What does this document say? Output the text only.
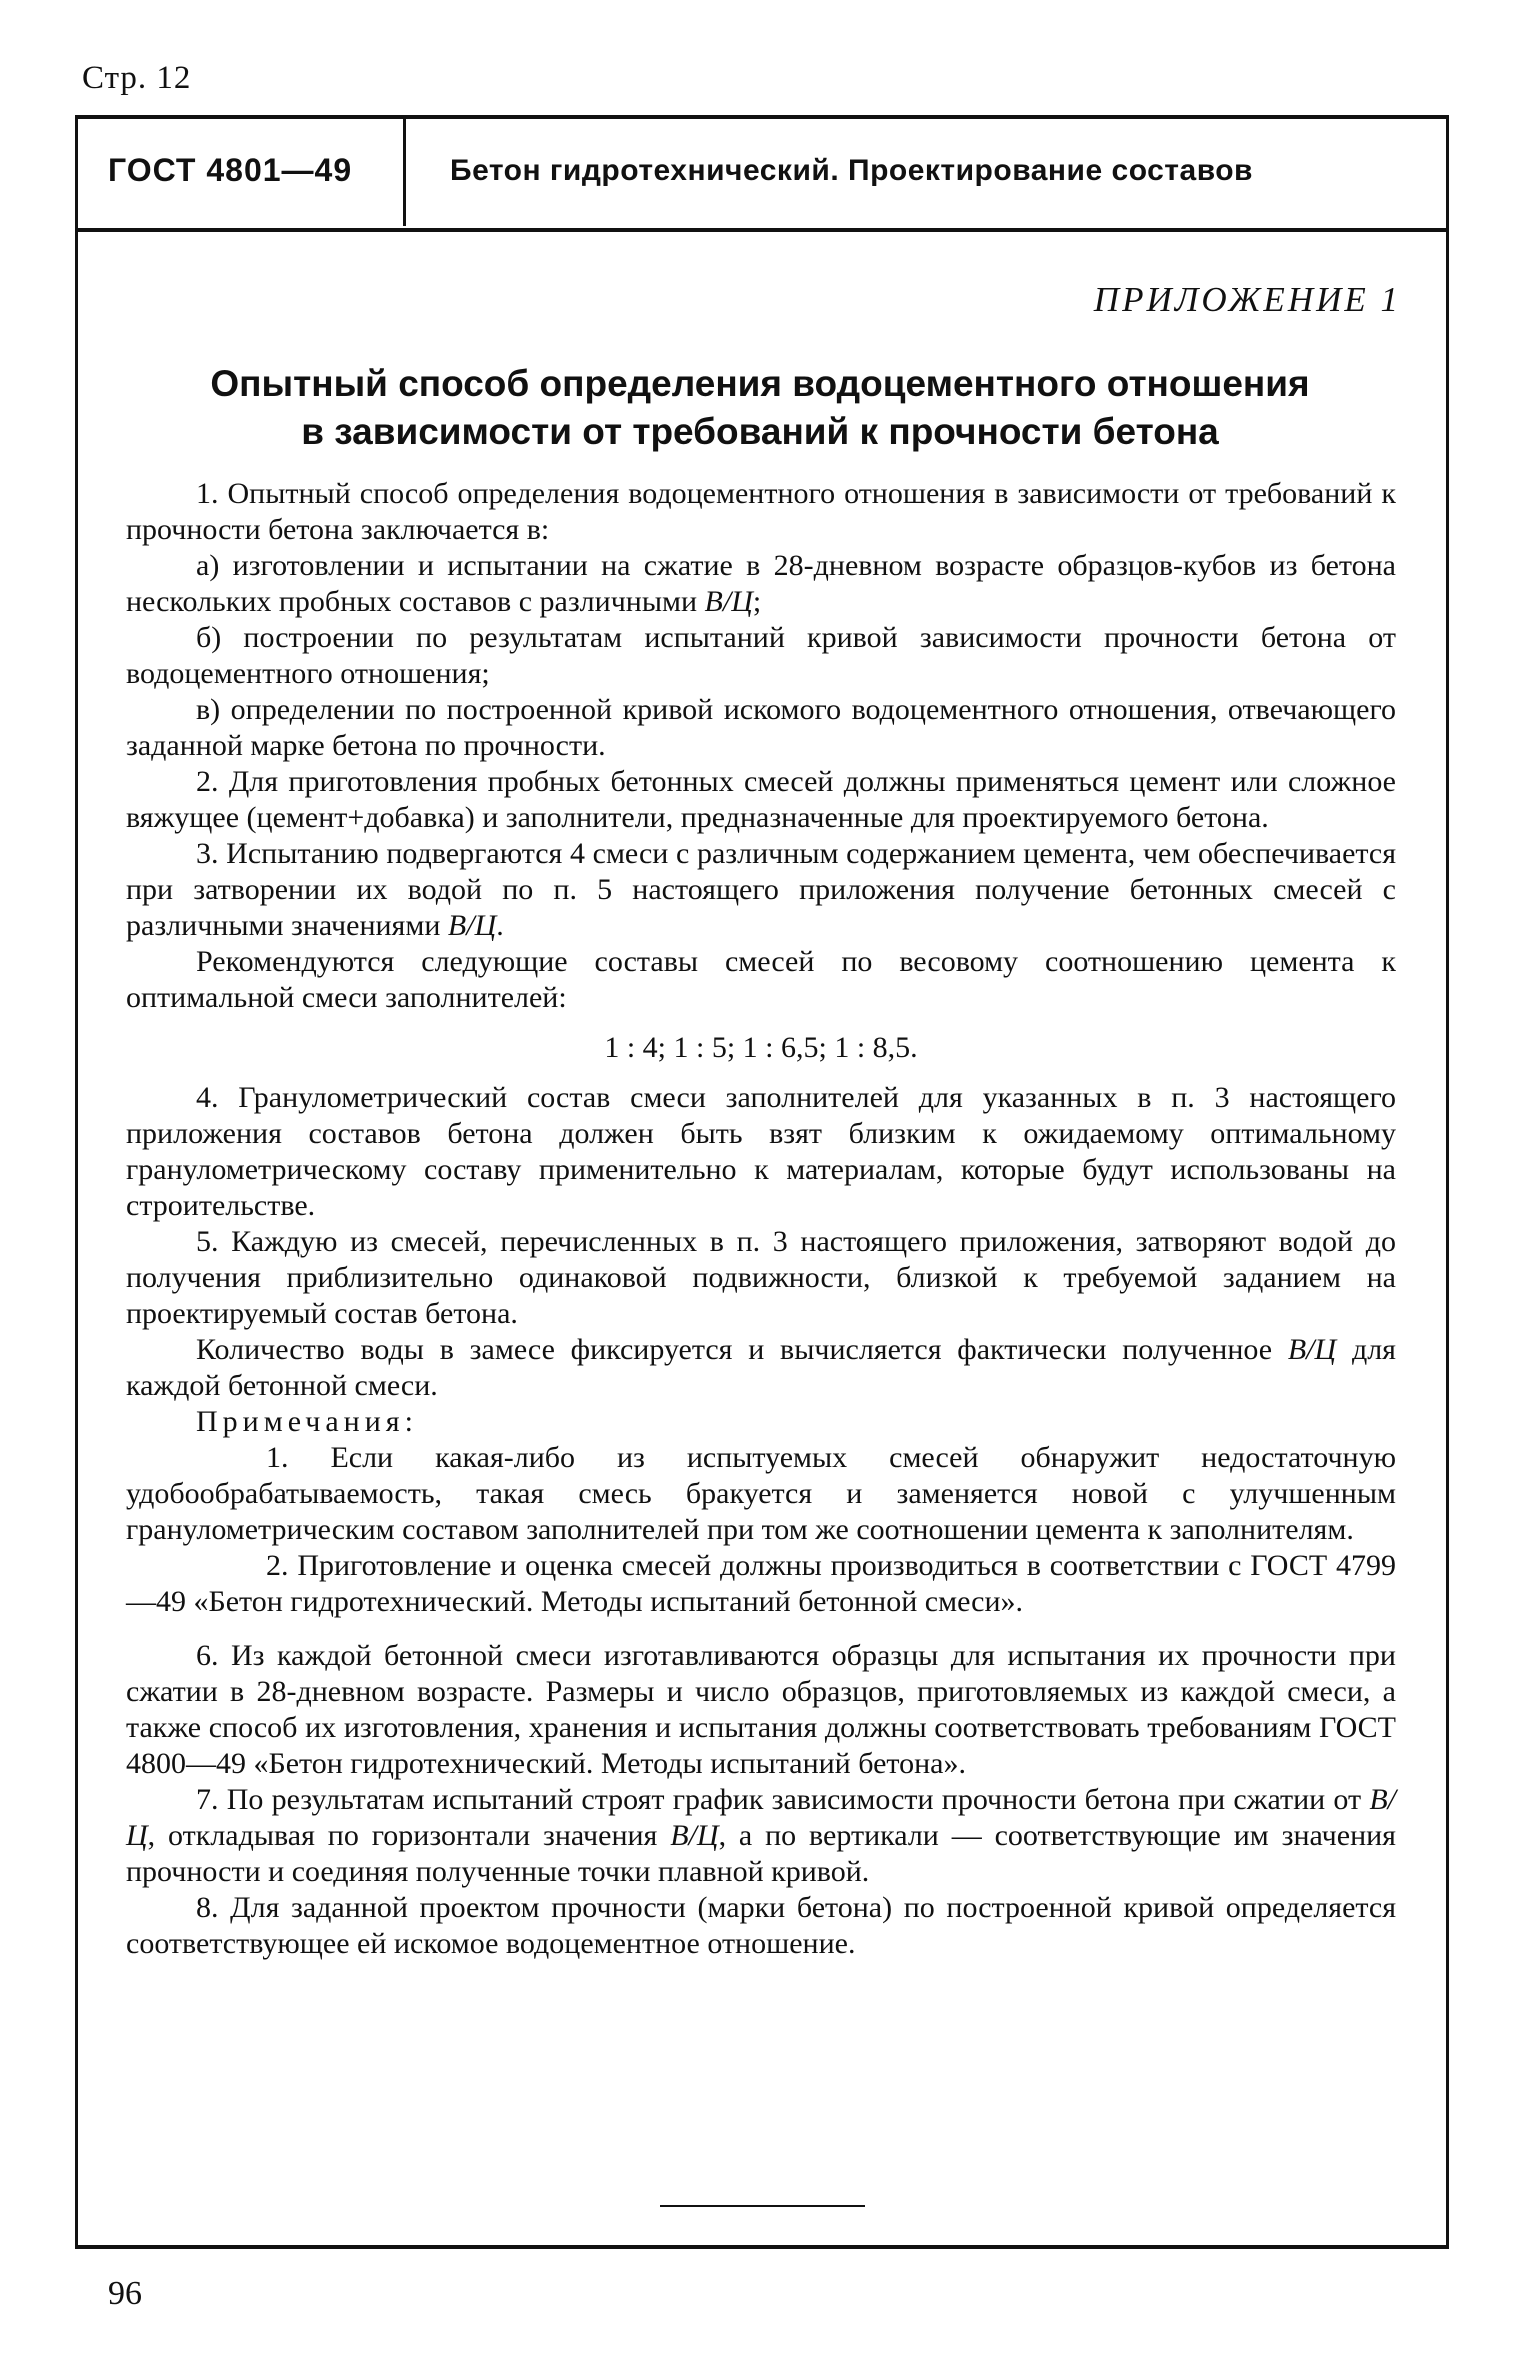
Стр. 12
ГОСТ 4801—49	Бетон гидротехнический. Проектирование составов
ПРИЛОЖЕНИЕ 1
Опытный способ определения водоцементного отношения
в зависимости от требований к прочности бетона

1. Опытный способ определения водоцементного отношения в зависимости от требований к прочности бетона заключается в:

а) изготовлении и испытании на сжатие в 28-дневном возрасте образцов-кубов из бетона нескольких пробных составов с различными В/Ц;

б) построении по результатам испытаний кривой зависимости прочности бетона от водоцементного отношения;

в) определении по построенной кривой искомого водоцементного отношения, отвечающего заданной марке бетона по прочности.

2. Для приготовления пробных бетонных смесей должны применяться цемент или сложное вяжущее (цемент+добавка) и заполнители, предназначенные для проектируемого бетона.

3. Испытанию подвергаются 4 смеси с различным содержанием цемента, чем обеспечивается при затворении их водой по п. 5 настоящего приложения получение бетонных смесей с различными значениями В/Ц.

Рекомендуются следующие составы смесей по весовому соотношению цемента к оптимальной смеси заполнителей:

1 : 4; 1 : 5; 1 : 6,5; 1 : 8,5.

4. Гранулометрический состав смеси заполнителей для указанных в п. 3 настоящего приложения составов бетона должен быть взят близким к ожидаемому оптимальному гранулометрическому составу применительно к материалам, которые будут использованы на строительстве.

5. Каждую из смесей, перечисленных в п. 3 настоящего приложения, затворяют водой до получения приблизительно одинаковой подвижности, близкой к требуемой заданием на проектируемый состав бетона.

Количество воды в замесе фиксируется и вычисляется фактически полученное В/Ц для каждой бетонной смеси.

Примечания:

1. Если какая-либо из испытуемых смесей обнаружит недостаточную удобообрабатываемость, такая смесь бракуется и заменяется новой с улучшенным гранулометрическим составом заполнителей при том же соотношении цемента к заполнителям.

2. Приготовление и оценка смесей должны производиться в соответствии с ГОСТ 4799—49 «Бетон гидротехнический. Методы испытаний бетонной смеси».

6. Из каждой бетонной смеси изготавливаются образцы для испытания их прочности при сжатии в 28-дневном возрасте. Размеры и число образцов, приготовляемых из каждой смеси, а также способ их изготовления, хранения и испытания должны соответствовать требованиям ГОСТ 4800—49 «Бетон гидротехнический. Методы испытаний бетона».

7. По результатам испытаний строят график зависимости прочности бетона при сжатии от В/Ц, откладывая по горизонтали значения В/Ц, а по вертикали — соответствующие им значения прочности и соединяя полученные точки плавной кривой.

8. Для заданной проектом прочности (марки бетона) по построенной кривой определяется соответствующее ей искомое водоцементное отношение.

96
